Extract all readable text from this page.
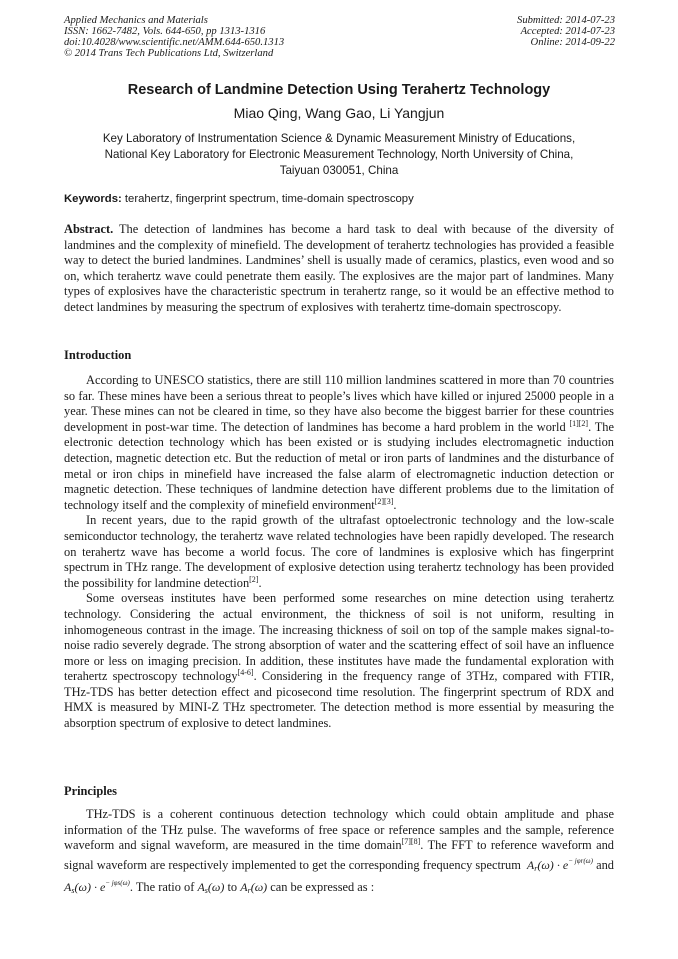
Applied Mechanics and Materials
ISSN: 1662-7482, Vols. 644-650, pp 1313-1316
doi:10.4028/www.scientific.net/AMM.644-650.1313
© 2014 Trans Tech Publications Ltd, Switzerland
Submitted: 2014-07-23
Accepted: 2014-07-23
Online: 2014-09-22
Research of Landmine Detection Using Terahertz Technology
Miao Qing, Wang Gao, Li Yangjun
Key Laboratory of Instrumentation Science & Dynamic Measurement Ministry of Educations,
National Key Laboratory for Electronic Measurement Technology, North University of China,
Taiyuan 030051, China
Keywords: terahertz, fingerprint spectrum, time-domain spectroscopy

Abstract. The detection of landmines has become a hard task to deal with because of the diversity of landmines and the complexity of minefield. The development of terahertz technologies has provided a feasible way to detect the buried landmines. Landmines’ shell is usually made of ceramics, plastics, even wood and so on, which terahertz wave could penetrate them easily. The explosives are the major part of landmines. Many types of explosives have the characteristic spectrum in terahertz range, so it would be an effective method to detect landmines by measuring the spectrum of explosives with terahertz time-domain spectroscopy.

Introduction

According to UNESCO statistics, there are still 110 million landmines scattered in more than 70 countries so far. These mines have been a serious threat to people’s lives which have killed or injured 25000 people in a year. These mines can not be cleared in time, so they have also become the biggest barrier for these countries development in post-war time. The detection of landmines has become a hard problem in the world [1][2]. The electronic detection technology which has been existed or is studying includes electromagnetic induction detection, magnetic detection etc. But the reduction of metal or iron parts of landmines and the disturbance of metal or iron chips in minefield have increased the false alarm of electromagnetic induction detection or magnetic detection. These techniques of landmine detection have different problems due to the limitation of technology itself and the complexity of minefield environment[2][3].

In recent years, due to the rapid growth of the ultrafast optoelectronic technology and the low-scale semiconductor technology, the terahertz wave related technologies have been rapidly developed. The research on terahertz wave has become a world focus. The core of landmines is explosive which has fingerprint spectrum in THz range. The development of explosive detection using terahertz technology has been provided the possibility for landmine detection[2].

Some overseas institutes have been performed some researches on mine detection using terahertz technology. Considering the actual environment, the thickness of soil is not uniform, resulting in inhomogeneous contrast in the image. The increasing thickness of soil on top of the sample makes signal-to-noise radio severely degrade. The strong absorption of water and the scattering effect of soil have an influence more or less on imaging precision. In addition, these institutes have made the fundamental exploration with terahertz spectroscopy technology[4-6]. Considering in the frequency range of 3THz, compared with FTIR, THz-TDS has better detection effect and picosecond time resolution. The fingerprint spectrum of RDX and HMX is measured by MINI-Z THz spectrometer. The detection method is more essential by measuring the absorption spectrum of explosive to detect landmines.

Principles

THz-TDS is a coherent continuous detection technology which could obtain amplitude and phase information of the THz pulse. The waveforms of free space or reference samples and the sample, reference waveform and signal waveform, are measured in the time domain[7][8]. The FFT to reference waveform and signal waveform are respectively implemented to get the corresponding frequency spectrum $A_r(\omega) \cdot e^{- j\varphi r(\omega)}$ and $A_s(\omega) \cdot e^{- j\varphi s(\omega)}$. The ratio of $A_s(\omega)$ to $A_r(\omega)$ can be expressed as :
